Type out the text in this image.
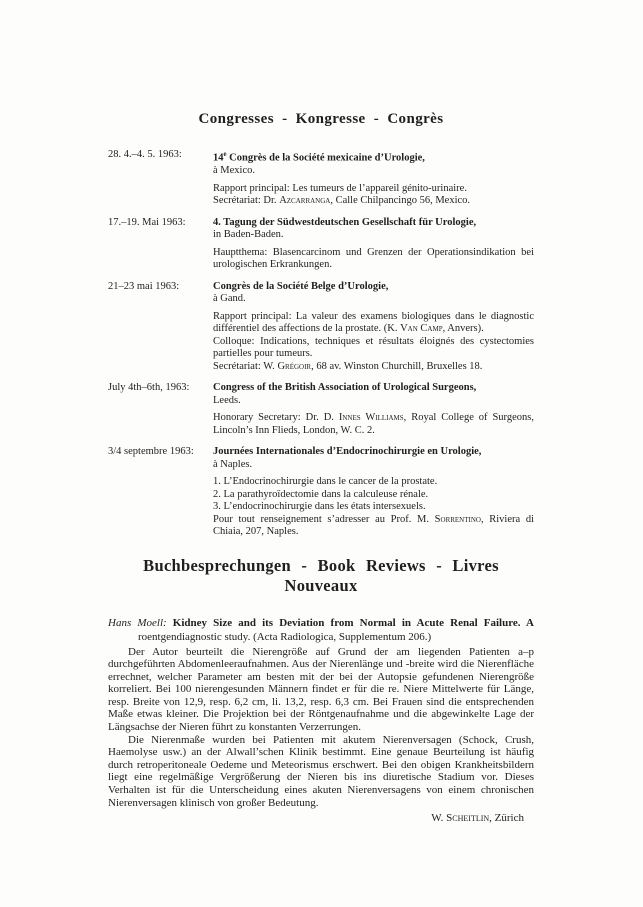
Congresses - Kongresse - Congrès
28. 4.–4. 5. 1963:	14e Congrès de la Société mexicaine d’Urologie,
à Mexico.

Rapport principal: Les tumeurs de l’appareil génito-urinaire.

Secrétariat: Dr. Azcarranga, Calle Chilpancingo 56, Mexico.

17.–19. Mai 1963:	4. Tagung der Südwestdeutschen Gesellschaft für Urologie,
in Baden-Baden.

Hauptthema: Blasencarcinom und Grenzen der Operationsindikation bei urologischen Erkrankungen.

21–23 mai 1963:	Congrès de la Société Belge d’Urologie,
à Gand.

Rapport principal: La valeur des examens biologiques dans le diagnostic différentiel des affections de la prostate. (K. Van Camp, Anvers).

Colloque: Indications, techniques et résultats éloignés des cystectomies partielles pour tumeurs.

Secrétariat: W. Grégoir, 68 av. Winston Churchill, Bruxelles 18.

July 4th–6th, 1963:	Congress of the British Association of Urological Surgeons,
Leeds.

Honorary Secretary: Dr. D. Innes Williams, Royal College of Surgeons, Lincoln’s Inn Flieds, London, W. C. 2.

3/4 septembre 1963:	Journées Internationales d’Endocrinochirurgie en Urologie,
à Naples.

1. L’Endocrinochirurgie dans le cancer de la prostate.

2. La parathyroïdectomie dans la calculeuse rénale.

3. L’endocrinochirurgie dans les états intersexuels.

Pour tout renseignement s’adresser au Prof. M. Sorrentino, Riviera di Chiaia, 207, Naples.

Buchbesprechungen - Book Reviews - Livres Nouveaux
Hans Moell: Kidney Size and its Deviation from Normal in Acute Renal Failure. A roentgendiagnostic study. (Acta Radiologica, Supplementum 206.)

Der Autor beurteilt die Nierengröße auf Grund der am liegenden Patienten a–p durchgeführten Abdomenleeraufnahmen. Aus der Nierenlänge und -breite wird die Nierenfläche errechnet, welcher Parameter am besten mit der bei der Autopsie gefundenen Nierengröße korreliert. Bei 100 nierengesunden Männern findet er für die re. Niere Mittelwerte für Länge, resp. Breite von 12,9, resp. 6,2 cm, li. 13,2, resp. 6,3 cm. Bei Frauen sind die entsprechenden Maße etwas kleiner. Die Projektion bei der Röntgenaufnahme und die abgewinkelte Lage der Längsachse der Nieren führt zu konstanten Verzerrungen.

Die Nierenmaße wurden bei Patienten mit akutem Nierenversagen (Schock, Crush, Haemolyse usw.) an der Alwall’schen Klinik bestimmt. Eine genaue Beurteilung ist häufig durch retroperitoneale Oedeme und Meteorismus erschwert. Bei den obigen Krankheitsbildern liegt eine regelmäßige Vergrößerung der Nieren bis ins diuretische Stadium vor. Dieses Verhalten ist für die Unterscheidung eines akuten Nierenversagens von einem chronischen Nierenversagen klinisch von großer Bedeutung.

W. Scheitlin, Zürich
